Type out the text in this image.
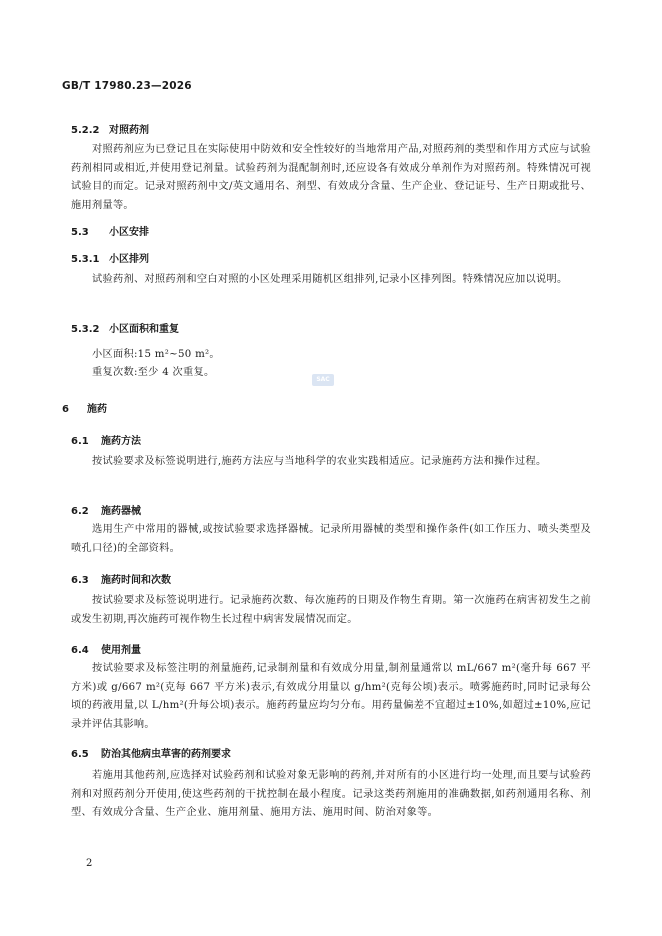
GB/T 17980.23—2026
5.2.2 对照药剂
对照药剂应为已登记且在实际使用中防效和安全性较好的当地常用产品,对照药剂的类型和作用方式应与试验药剂相同或相近,并使用登记剂量。试验药剂为混配制剂时,还应设各有效成分单剂作为对照药剂。特殊情况可视试验目的而定。记录对照药剂中文/英文通用名、剂型、有效成分含量、生产企业、登记证号、生产日期或批号、施用剂量等。
5.3 小区安排
5.3.1 小区排列
试验药剂、对照药剂和空白对照的小区处理采用随机区组排列,记录小区排列图。特殊情况应加以说明。
5.3.2 小区面积和重复
小区面积:15 m²~50 m²。
重复次数:至少 4 次重复。
SAC
6 施药
6.1 施药方法
按试验要求及标签说明进行,施药方法应与当地科学的农业实践相适应。记录施药方法和操作过程。
6.2 施药器械
选用生产中常用的器械,或按试验要求选择器械。记录所用器械的类型和操作条件(如工作压力、喷头类型及喷孔口径)的全部资料。
6.3 施药时间和次数
按试验要求及标签说明进行。记录施药次数、每次施药的日期及作物生育期。第一次施药在病害初发生之前或发生初期,再次施药可视作物生长过程中病害发展情况而定。
6.4 使用剂量
按试验要求及标签注明的剂量施药,记录制剂量和有效成分用量,制剂量通常以 mL/667 m²(毫升每 667 平方米)或 g/667 m²(克每 667 平方米)表示,有效成分用量以 g/hm²(克每公顷)表示。喷雾施药时,同时记录每公顷的药液用量,以 L/hm²(升每公顷)表示。施药药量应均匀分布。用药量偏差不宜超过±10%,如超过±10%,应记录并评估其影响。
6.5 防治其他病虫草害的药剂要求
若施用其他药剂,应选择对试验药剂和试验对象无影响的药剂,并对所有的小区进行均一处理,而且要与试验药剂和对照药剂分开使用,使这些药剂的干扰控制在最小程度。记录这类药剂施用的准确数据,如药剂通用名称、剂型、有效成分含量、生产企业、施用剂量、施用方法、施用时间、防治对象等。
2
